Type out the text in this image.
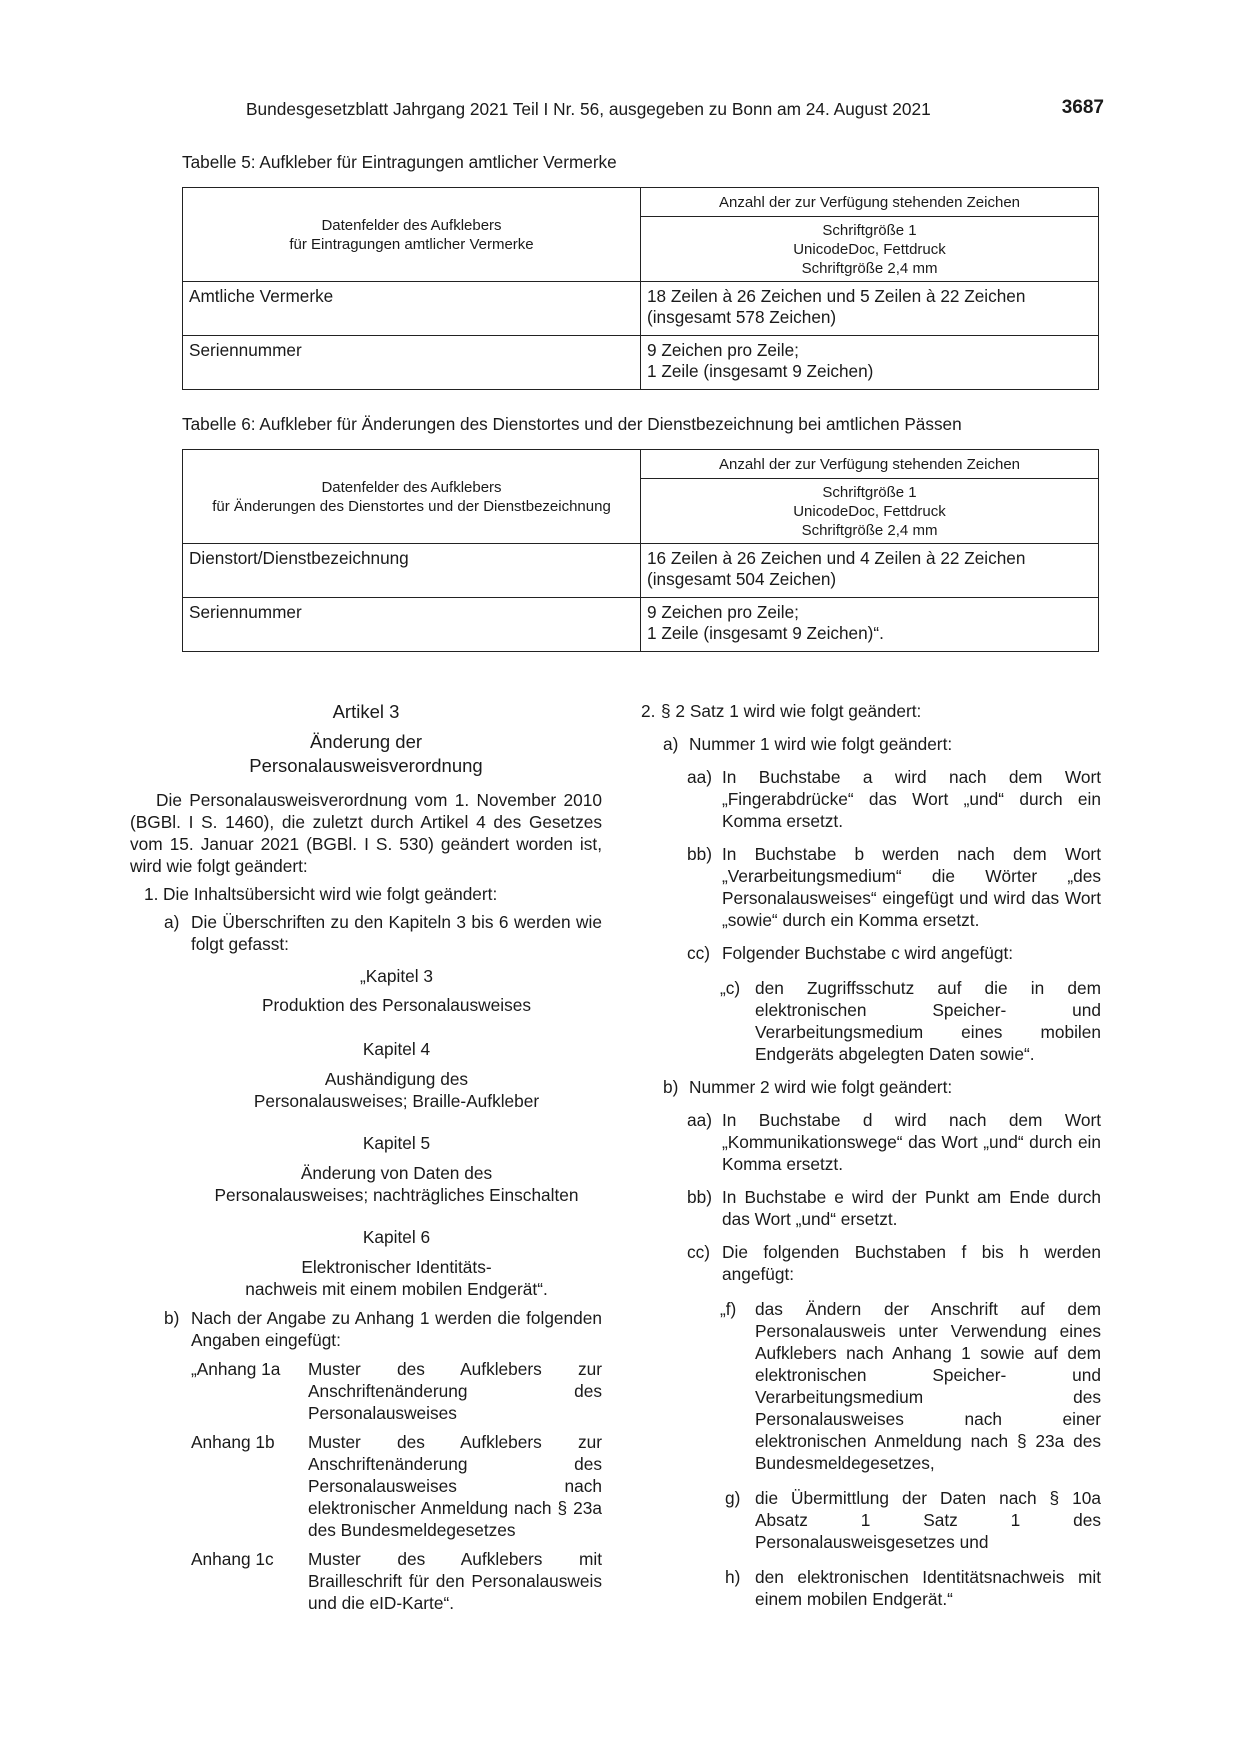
Bundesgesetzblatt Jahrgang 2021 Teil I Nr. 56, ausgegeben zu Bonn am 24. August 2021	3687
Tabelle 5: Aufkleber für Eintragungen amtlicher Vermerke
Datenfelder des Aufklebers
für Eintragungen amtlicher Vermerke	Anzahl der zur Verfügung stehenden Zeichen

	Schriftgröße 1
UnicodeDoc, Fettdruck
Schriftgröße 2,4 mm

Amtliche Vermerke	18 Zeilen à 26 Zeichen und 5 Zeilen à 22 Zeichen
(insgesamt 578 Zeichen)

Seriennummer	9 Zeichen pro Zeile;
1 Zeile (insgesamt 9 Zeichen)
Tabelle 6: Aufkleber für Änderungen des Dienstortes und der Dienstbezeichnung bei amtlichen Pässen
Datenfelder des Aufklebers
für Änderungen des Dienstortes und der Dienstbezeichnung	Anzahl der zur Verfügung stehenden Zeichen

	Schriftgröße 1
UnicodeDoc, Fettdruck
Schriftgröße 2,4 mm

Dienstort/Dienstbezeichnung	16 Zeilen à 26 Zeichen und 4 Zeilen à 22 Zeichen
(insgesamt 504 Zeichen)

Seriennummer	9 Zeichen pro Zeile;
1 Zeile (insgesamt 9 Zeichen)“.

Artikel 3

Änderung der
Personalausweisverordnung

Die Personalausweisverordnung vom 1. November 2010 (BGBl. I S. 1460), die zuletzt durch Artikel 4 des Gesetzes vom 15. Januar 2021 (BGBl. I S. 530) geändert worden ist, wird wie folgt geändert:

1. Die Inhaltsübersicht wird wie folgt geändert:

a) Die Überschriften zu den Kapiteln 3 bis 6 werden wie folgt gefasst:

„Kapitel 3

Produktion des Personalausweises

Kapitel 4

Aushändigung des
Personalausweises; Braille-Aufkleber

Kapitel 5

Änderung von Daten des
Personalausweises; nachträgliches Einschalten

Kapitel 6

Elektronischer Identitäts-
nachweis mit einem mobilen Endgerät“.
b) Nach der Angabe zu Anhang 1 werden die folgenden Angaben eingefügt:

„Anhang 1a Muster des Aufklebers zur Anschriftenänderung des Personalausweises

Anhang 1b Muster des Aufklebers zur Anschriftenänderung des Personalausweises nach elektronischer Anmeldung nach § 23a des Bundesmeldegesetzes

Anhang 1c Muster des Aufklebers mit Brailleschrift für den Personalausweis und die eID-Karte“.

2. § 2 Satz 1 wird wie folgt geändert:

a) Nummer 1 wird wie folgt geändert:

aa) In Buchstabe a wird nach dem Wort „Fingerabdrücke“ das Wort „und“ durch ein Komma ersetzt.

bb) In Buchstabe b werden nach dem Wort „Verarbeitungsmedium“ die Wörter „des Personalausweises“ eingefügt und wird das Wort „sowie“ durch ein Komma ersetzt.

cc) Folgender Buchstabe c wird angefügt:

„c) den Zugriffsschutz auf die in dem elektronischen Speicher- und Verarbeitungsmedium eines mobilen Endgeräts abgelegten Daten sowie“.

b) Nummer 2 wird wie folgt geändert:

aa) In Buchstabe d wird nach dem Wort „Kommunikationswege“ das Wort „und“ durch ein Komma ersetzt.

bb) In Buchstabe e wird der Punkt am Ende durch das Wort „und“ ersetzt.

cc) Die folgenden Buchstaben f bis h werden angefügt:

„f) das Ändern der Anschrift auf dem Personalausweis unter Verwendung eines Aufklebers nach Anhang 1 sowie auf dem elektronischen Speicher- und Verarbeitungsmedium des Personalausweises nach einer elektronischen Anmeldung nach § 23a des Bundesmeldegesetzes,

g) die Übermittlung der Daten nach § 10a Absatz 1 Satz 1 des Personalausweisgesetzes und

h) den elektronischen Identitätsnachweis mit einem mobilen Endgerät.“
